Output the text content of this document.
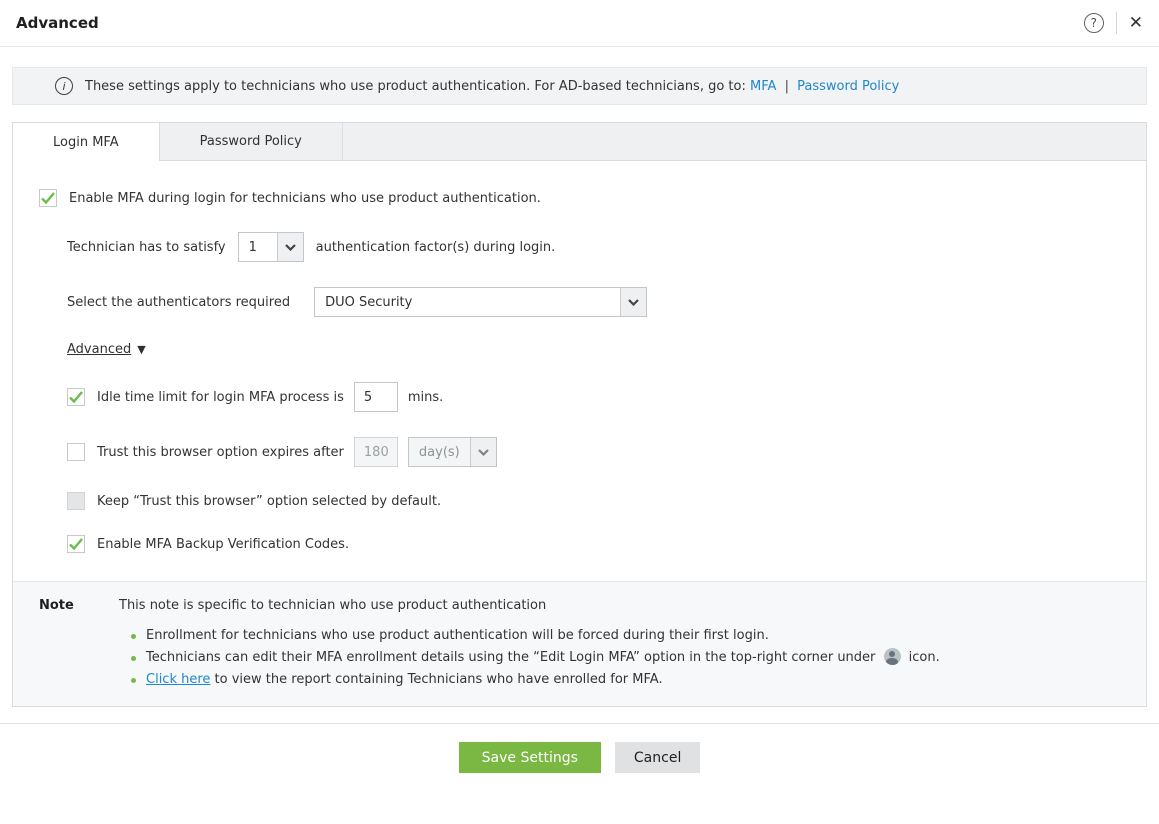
Advanced	? ✕
i These settings apply to technicians who use product authentication. For AD-based technicians, go to: MFA | Password Policy
Login MFA	Password Policy
Enable MFA during login for technicians who use product authentication.
Technician has to satisfy	1	authentication factor(s) during login.
Select the authenticators required	DUO Security
Advanced ▼
Idle time limit for login MFA process is
5	mins.
Trust this browser option expires after
180	day(s)
Keep “Trust this browser” option selected by default.
Enable MFA Backup Verification Codes.
Note	This note is specific to technician who use product authentication
Enrollment for technicians who use product authentication will be forced during their first login.
Technicians can edit their MFA enrollment details using the “Edit Login MFA” option in the top-right corner under	icon.
Click here to view the report containing Technicians who have enrolled for MFA.
Save Settings	Cancel
